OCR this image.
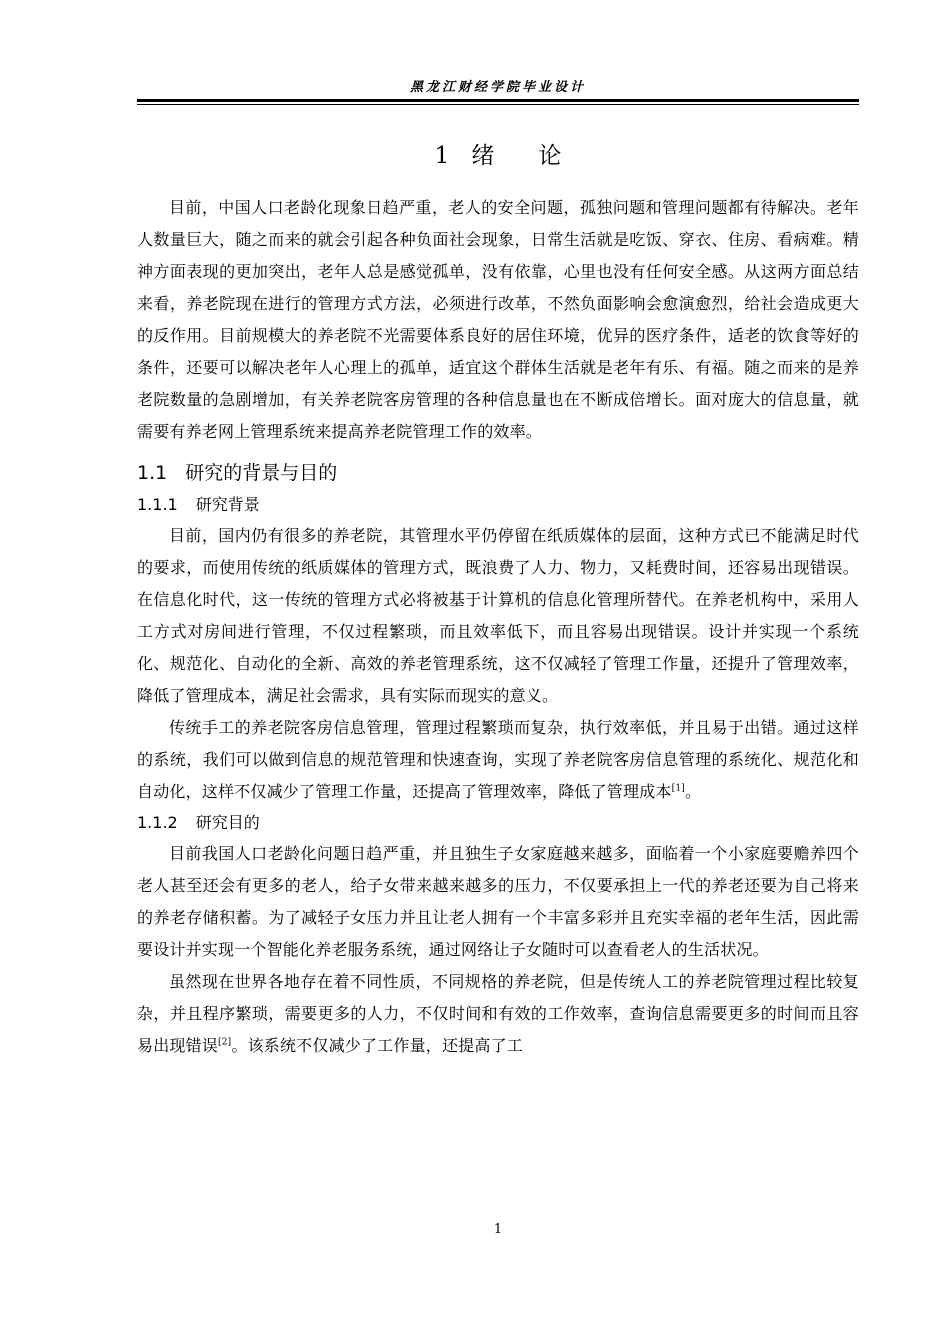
黑龙江财经学院毕业设计
1 绪 论

目前，中国人口老龄化现象日趋严重，老人的安全问题，孤独问题和管理问题都有待解决。老年人数量巨大，随之而来的就会引起各种负面社会现象，日常生活就是吃饭、穿衣、住房、看病难。精神方面表现的更加突出，老年人总是感觉孤单，没有依靠，心里也没有任何安全感。从这两方面总结来看，养老院现在进行的管理方式方法，必须进行改革，不然负面影响会愈演愈烈，给社会造成更大的反作用。目前规模大的养老院不光需要体系良好的居住环境，优异的医疗条件，适老的饮食等好的条件，还要可以解决老年人心理上的孤单，适宜这个群体生活就是老年有乐、有福。随之而来的是养老院数量的急剧增加，有关养老院客房管理的各种信息量也在不断成倍增长。面对庞大的信息量，就需要有养老网上管理系统来提高养老院管理工作的效率。

1.1 研究的背景与目的
1.1.1 研究背景

目前，国内仍有很多的养老院，其管理水平仍停留在纸质媒体的层面，这种方式已不能满足时代的要求，而使用传统的纸质媒体的管理方式，既浪费了人力、物力，又耗费时间，还容易出现错误。在信息化时代，这一传统的管理方式必将被基于计算机的信息化管理所替代。在养老机构中，采用人工方式对房间进行管理，不仅过程繁琐，而且效率低下，而且容易出现错误。设计并实现一个系统化、规范化、自动化的全新、高效的养老管理系统，这不仅减轻了管理工作量，还提升了管理效率，降低了管理成本，满足社会需求，具有实际而现实的意义。

传统手工的养老院客房信息管理，管理过程繁琐而复杂，执行效率低，并且易于出错。通过这样的系统，我们可以做到信息的规范管理和快速查询，实现了养老院客房信息管理的系统化、规范化和自动化，这样不仅减少了管理工作量，还提高了管理效率，降低了管理成本[1]。

1.1.2 研究目的

目前我国人口老龄化问题日趋严重，并且独生子女家庭越来越多，面临着一个小家庭要赡养四个老人甚至还会有更多的老人，给子女带来越来越多的压力，不仅要承担上一代的养老还要为自己将来的养老存储积蓄。为了减轻子女压力并且让老人拥有一个丰富多彩并且充实幸福的老年生活，因此需要设计并实现一个智能化养老服务系统，通过网络让子女随时可以查看老人的生活状况。

虽然现在世界各地存在着不同性质，不同规格的养老院，但是传统人工的养老院管理过程比较复杂，并且程序繁琐，需要更多的人力，不仅时间和有效的工作效率，查询信息需要更多的时间而且容易出现错误[2]。该系统不仅减少了工作量，还提高了工

1
